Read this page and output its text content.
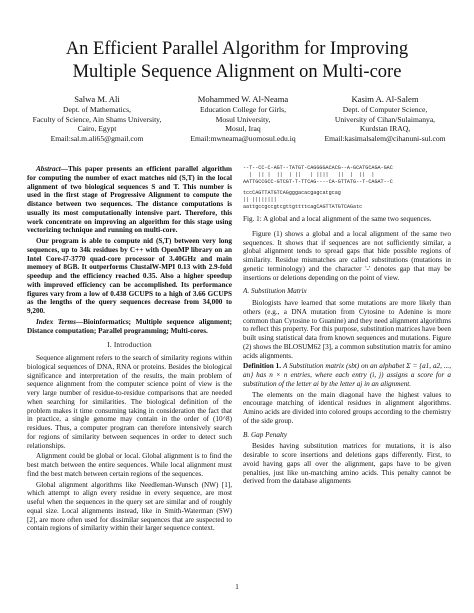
An Efficient Parallel Algorithm for Improving
Multiple Sequence Alignment on Multi-core
Salwa M. Ali
Dept. of Mathematics,
Faculty of Science, Ain Shams University,
Cairo, Egypt
Email:sal.m.ali65@gmail.com
Mohammed W. Al-Neama
Education College for Girls,
Mosul University,
Mosul, Iraq
Email:mwneama@uomosul.edu.iq
Kasim A. Al-Salem
Dept. of Computer Science,
University of Cihan/Sulaimanya,
Kurdstan IRAQ,
Email:kasimalsalem@cihanuni-sul.com

Abstract—This paper presents an efficient parallel algorithm for computing the number of exact matches nid (S,T) in the local alignment of two biological sequences S and T. This number is used in the first stage of Progressive Alignment to compute the distance between two sequences. The distance computations is usually its most computationally intensive part. Therefore, this work concentrate on improving an algorithm for this stage using vectorizing technique and running on multi-core.

Our program is able to compute nid (S,T) between very long sequences, up to 34k residues by C++ with OpenMP library on an Intel Core-i7-3770 quad-core processor of 3.40GHz and main memory of 8GB. It outperforms ClustalW-MPI 0.13 with 2.9-fold speedup and the efficiency reached 0.35. Also a higher speedup with improved efficiency can be accomplished. Its performance figures vary from a low of 0.438 GCUPS to a high of 3.66 GCUPS as the lengths of the query sequences decrease from 34,000 to 9,200.

Index Terms—Bioinformatics; Multiple sequence alignment; Distance computation; Parallel programming; Multi-cores.

I. Introduction

Sequence alignment refers to the search of similarity regions within biological sequences of DNA, RNA or proteins. Besides the biological significance and interpretation of the results, the main problem of sequence alignment from the computer science point of view is the very large number of residue-to-residue comparisons that are needed when searching for similarities. The biological definition of the problem makes it time consuming taking in consideration the fact that in practice, a single genome may contain in the order of (10^8) residues. Thus, a computer program can therefore intensively search for regions of similarity between sequences in order to detect such relationships.

Alignment could be global or local. Global alignment is to find the best match between the entire sequences. While local alignment must find the best match between certain regions of the sequences.

Global alignment algorithms like Needleman-Wunsch (NW) [1], which attempt to align every residue in every sequence, are most useful when the sequences in the query set are similar and of roughly equal size. Local alignments instead, like in Smith-Waterman (SW) [2], are more often used for dissimilar sequences that are suspected to contain regions of similarity within their larger sequence context.

--T--CC-C-AGT--TATGT-CAGGGGACACG--A-GCATGCAGA-GAC
|  || |  ||  | ||   | ||||   ||  |  ||  |
AATTGCCGCC-GTCGT-T-TTCAG----CA-GTTATG--T-CAGAT--C
tccCAGTTATGTCAGgggacacgagcatgcag
|| ||||||||
aattgccgccgtcgttgttttcagCAGTTATGTCAGatc

Fig. 1: A global and a local alignment of the same two sequences.

Figure (1) shows a global and a local alignment of the same two sequences. It shows that if sequences are not sufficiently similar, a global alignment tends to spread gaps that hide possible regions of similarity. Residue mismatches are called substitutions (mutations in genetic terminology) and the character '-' denotes gap that may be insertions or deletions depending on the point of view.

A. Substitution Matrix

Biologists have learned that some mutations are more likely than others (e.g., a DNA mutation from Cytosine to Adenine is more common than Cytosine to Guanine) and they need alignment algorithms to reflect this property. For this purpose, substitution matrices have been built using statistical data from known sequences and mutations. Figure (2) shows the BLOSUM62 [3], a common substitution matrix for amino acids alignments.

Definition 1. A Substitution matrix (sbt) on an alphabet Σ = {a1, a2, ..., an} has n × n entries, where each entry (i, j) assigns a score for a substitution of the letter ai by the letter aj in an alignment.

The elements on the main diagonal have the highest values to encourage matching of identical residues in alignment algorithms. Amino acids are divided into colored groups according to the chemistry of the side group.

B. Gap Penalty

Besides having substitution matrices for mutations, it is also desirable to score insertions and deletions gaps differently. First, to avoid having gaps all over the alignment, gaps have to be given penalties, just like un-matching amino acids. This penalty cannot be derived from the database alignments

1
